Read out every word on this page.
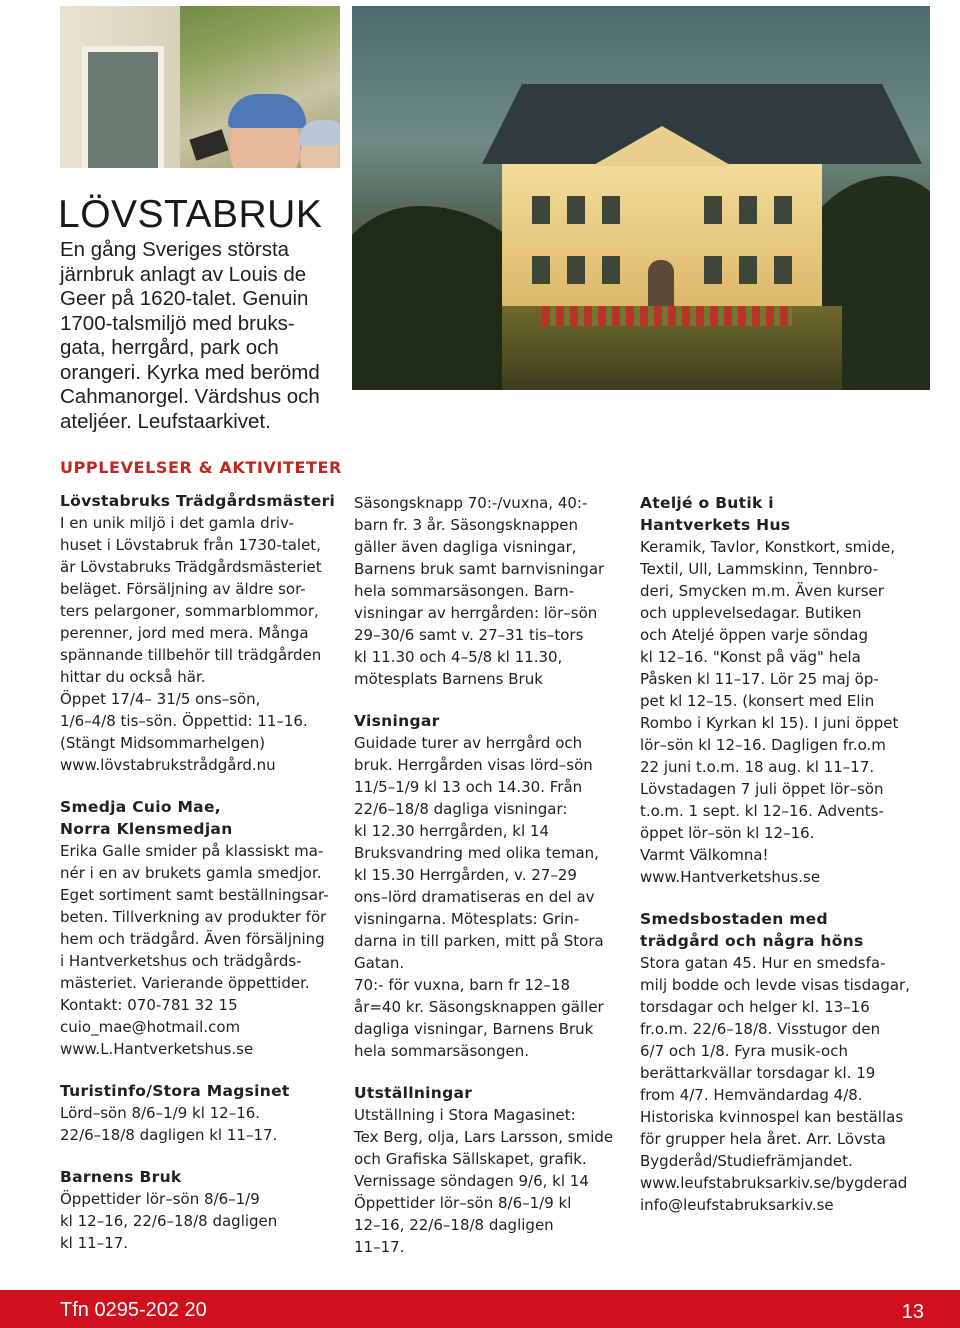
LÖVSTABRUK
En gång Sveriges största
järnbruk anlagt av Louis de
Geer på 1620-talet. Genuin
1700-talsmiljö med bruks-
gata, herrgård, park och
orangeri. Kyrka med berömd
Cahmanorgel. Värdshus och
ateljéer. Leufstaarkivet.
UPPLEVELSER & AKTIVITETER
Lövstabruks Trädgårdsmästeri

I en unik miljö i det gamla driv-
huset i Lövstabruk från 1730-talet,
är Lövstabruks Trädgårdsmästeriet
beläget. Försäljning av äldre sor-
ters pelargoner, sommarblommor,
perenner, jord med mera. Många
spännande tillbehör till trädgården
hittar du också här.
Öppet 17/4– 31/5 ons–sön,
1/6–4/8 tis–sön. Öppettid: 11–16.
(Stängt Midsommarhelgen)
www.lövstabrukstrådgård.nu

Smedja Cuio Mae,
Norra Klensmedjan

Erika Galle smider på klassiskt ma-
nér i en av brukets gamla smedjor.
Eget sortiment samt beställningsar-
beten. Tillverkning av produkter för
hem och trädgård. Även försäljning
i Hantverketshus och trädgårds-
mästeriet. Varierande öppettider.
Kontakt: 070-781 32 15
cuio_mae@hotmail.com
www.L.Hantverketshus.se

Turistinfo/Stora Magsinet

Lörd–sön 8/6–1/9 kl 12–16.
22/6–18/8 dagligen kl 11–17.

Barnens Bruk

Öppettider lör–sön 8/6–1/9
kl 12–16, 22/6–18/8 dagligen
kl 11–17.

Säsongsknapp 70:-/vuxna, 40:-
barn fr. 3 år. Säsongsknappen
gäller även dagliga visningar,
Barnens bruk samt barnvisningar
hela sommarsäsongen. Barn-
visningar av herrgården: lör–sön
29–30/6 samt v. 27–31 tis–tors
kl 11.30 och 4–5/8 kl 11.30,
mötesplats Barnens Bruk

Visningar

Guidade turer av herrgård och
bruk. Herrgården visas lörd–sön
11/5–1/9 kl 13 och 14.30. Från
22/6–18/8 dagliga visningar:
kl 12.30 herrgården, kl 14
Bruksvandring med olika teman,
kl 15.30 Herrgården, v. 27–29
ons–lörd dramatiseras en del av
visningarna. Mötesplats: Grin-
darna in till parken, mitt på Stora
Gatan.
70:- för vuxna, barn fr 12–18
år=40 kr. Säsongsknappen gäller
dagliga visningar, Barnens Bruk
hela sommarsäsongen.

Utställningar

Utställning i Stora Magasinet:
Tex Berg, olja, Lars Larsson, smide
och Grafiska Sällskapet, grafik.
Vernissage söndagen 9/6, kl 14
Öppettider lör–sön 8/6–1/9 kl
12–16, 22/6–18/8 dagligen
11–17.

Ateljé o Butik i
Hantverkets Hus

Keramik, Tavlor, Konstkort, smide,
Textil, Ull, Lammskinn, Tennbro-
deri, Smycken m.m. Även kurser
och upplevelsedagar. Butiken
och Ateljé öppen varje söndag
kl 12–16. "Konst på väg" hela
Påsken kl 11–17. Lör 25 maj öp-
pet kl 12–15. (konsert med Elin
Rombo i Kyrkan kl 15). I juni öppet
lör–sön kl 12–16. Dagligen fr.o.m
22 juni t.o.m. 18 aug. kl 11–17.
Lövstadagen 7 juli öppet lör–sön
t.o.m. 1 sept. kl 12–16. Advents-
öppet lör–sön kl 12–16.
Varmt Välkomna!
www.Hantverketshus.se

Smedsbostaden med
trädgård och några höns

Stora gatan 45. Hur en smedsfa-
milj bodde och levde visas tisdagar,
torsdagar och helger kl. 13–16
fr.o.m. 22/6–18/8. Visstugor den
6/7 och 1/8. Fyra musik-och
berättarkvällar torsdagar kl. 19
from 4/7. Hemvändardag 4/8.
Historiska kvinnospel kan beställas
för grupper hela året. Arr. Lövsta
Bygderåd/Studiefrämjandet.
www.leufstabruksarkiv.se/bygderad
info@leufstabruksarkiv.se

Tfn 0295-202 20	13
